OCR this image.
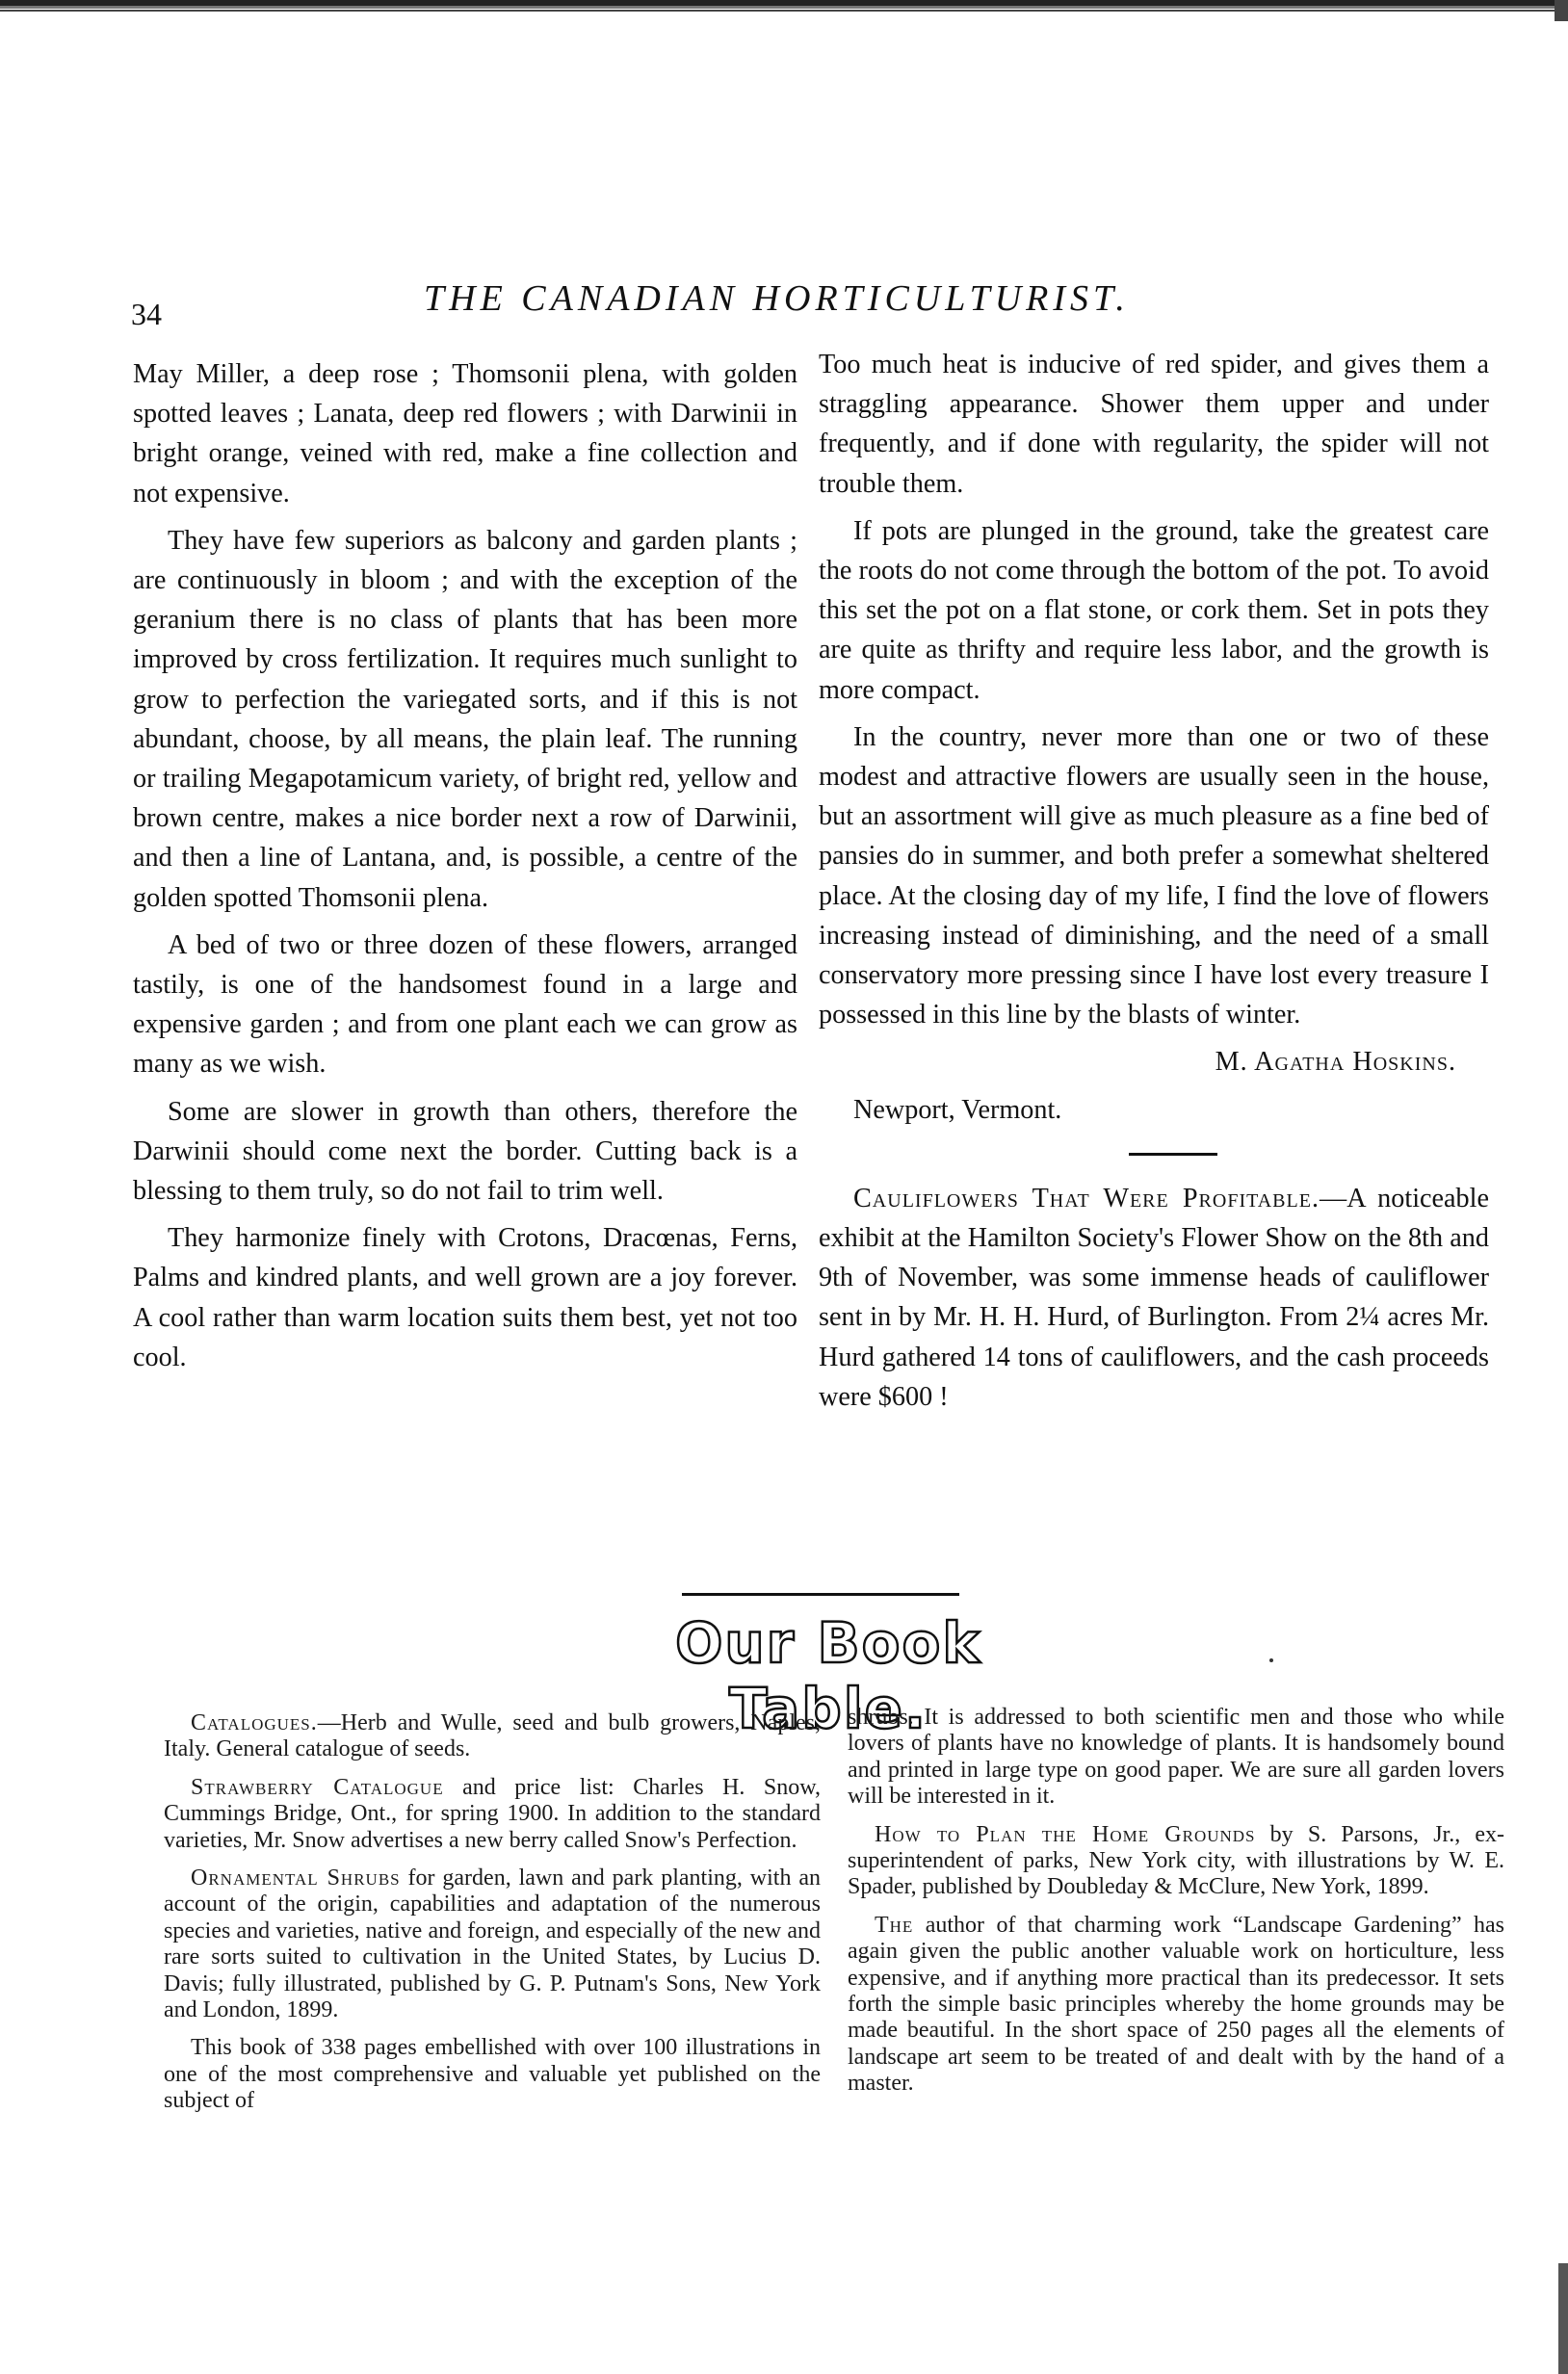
34	THE CANADIAN HORTICULTURIST.

May Miller, a deep rose ; Thomsonii plena, with golden spotted leaves ; Lanata, deep red flowers ; with Darwinii in bright orange, veined with red, make a fine collection and not expensive.

They have few superiors as balcony and garden plants ; are continuously in bloom ; and with the exception of the geranium there is no class of plants that has been more improved by cross fertilization. It requires much sunlight to grow to perfection the variegated sorts, and if this is not abundant, choose, by all means, the plain leaf. The running or trailing Megapotamicum variety, of bright red, yellow and brown centre, makes a nice border next a row of Darwinii, and then a line of Lantana, and, is possible, a centre of the golden spotted Thomsonii plena.

A bed of two or three dozen of these flowers, arranged tastily, is one of the handsomest found in a large and expensive garden ; and from one plant each we can grow as many as we wish.

Some are slower in growth than others, therefore the Darwinii should come next the border. Cutting back is a blessing to them truly, so do not fail to trim well.

They harmonize finely with Crotons, Dracœnas, Ferns, Palms and kindred plants, and well grown are a joy forever. A cool rather than warm location suits them best, yet not too cool.

Too much heat is inducive of red spider, and gives them a straggling appearance. Shower them upper and under frequently, and if done with regularity, the spider will not trouble them.

If pots are plunged in the ground, take the greatest care the roots do not come through the bottom of the pot. To avoid this set the pot on a flat stone, or cork them. Set in pots they are quite as thrifty and require less labor, and the growth is more compact.

In the country, never more than one or two of these modest and attractive flowers are usually seen in the house, but an assortment will give as much pleasure as a fine bed of pansies do in summer, and both prefer a somewhat sheltered place. At the closing day of my life, I find the love of flowers increasing instead of diminishing, and the need of a small conservatory more pressing since I have lost every treasure I possessed in this line by the blasts of winter.

M. Agatha Hoskins.

Newport, Vermont.

Cauliflowers That Were Profitable.—A noticeable exhibit at the Hamilton Society's Flower Show on the 8th and 9th of November, was some immense heads of cauliflower sent in by Mr. H. H. Hurd, of Burlington. From 2¼ acres Mr. Hurd gathered 14 tons of cauliflowers, and the cash proceeds were $600 !

Our Book Table.

Catalogues.—Herb and Wulle, seed and bulb growers, Naples, Italy. General catalogue of seeds.

Strawberry Catalogue and price list: Charles H. Snow, Cummings Bridge, Ont., for spring 1900. In addition to the standard varieties, Mr. Snow advertises a new berry called Snow's Perfection.

Ornamental Shrubs for garden, lawn and park planting, with an account of the origin, capabilities and adaptation of the numerous species and varieties, native and foreign, and especially of the new and rare sorts suited to cultivation in the United States, by Lucius D. Davis; fully illustrated, published by G. P. Putnam's Sons, New York and London, 1899.

This book of 338 pages embellished with over 100 illustrations in one of the most comprehensive and valuable yet published on the subject of

shrubs. It is addressed to both scientific men and those who while lovers of plants have no knowledge of plants. It is handsomely bound and printed in large type on good paper. We are sure all garden lovers will be interested in it.

How to Plan the Home Grounds by S. Parsons, Jr., ex-superintendent of parks, New York city, with illustrations by W. E. Spader, published by Doubleday & McClure, New York, 1899.

The author of that charming work “Landscape Gardening” has again given the public another valuable work on horticulture, less expensive, and if anything more practical than its predecessor. It sets forth the simple basic principles whereby the home grounds may be made beautiful. In the short space of 250 pages all the elements of landscape art seem to be treated of and dealt with by the hand of a master.
